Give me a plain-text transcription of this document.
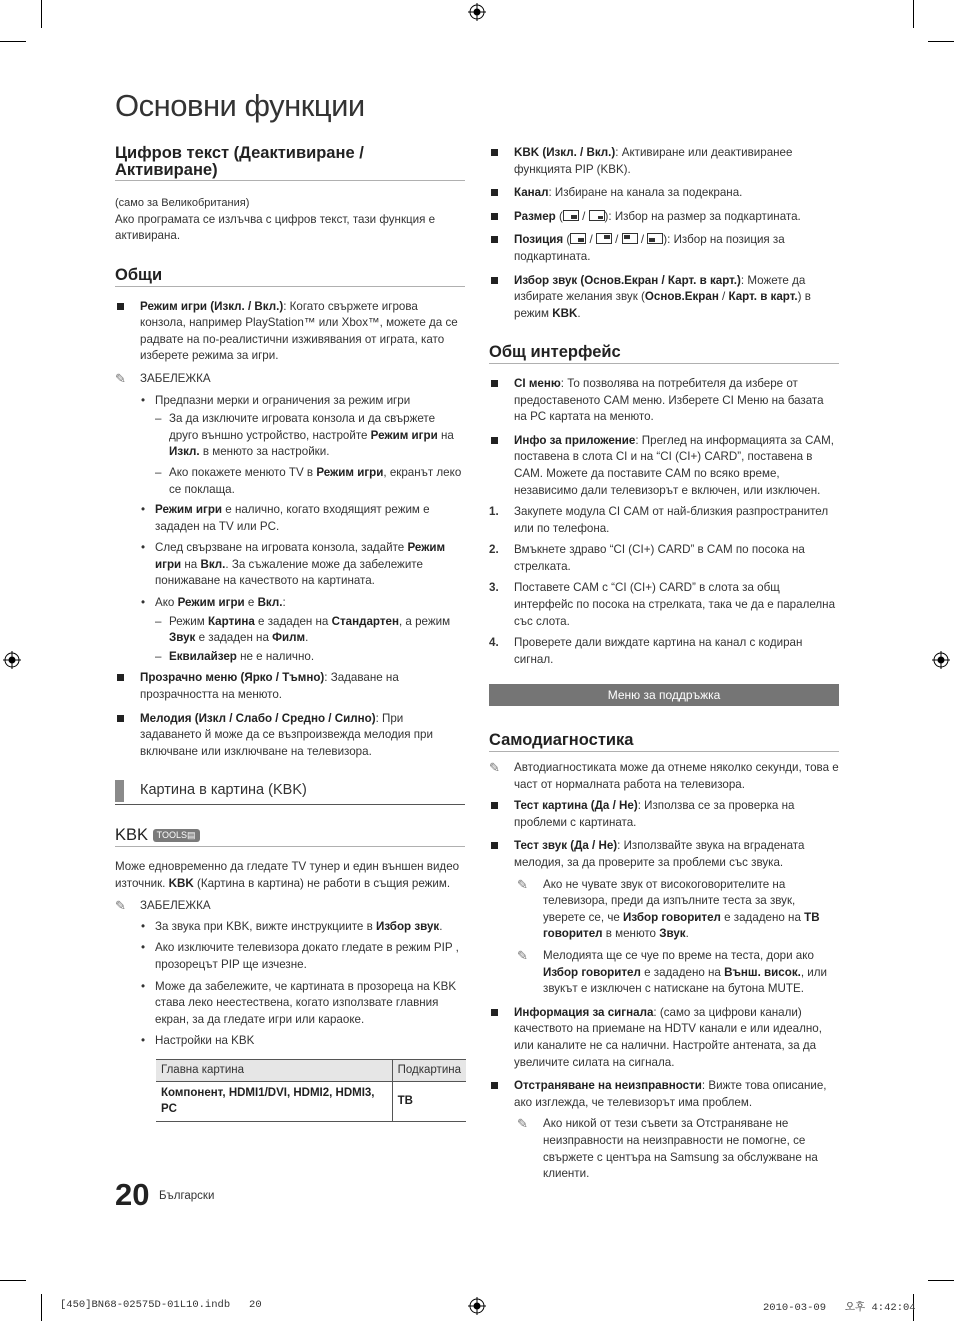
Основни функции
Цифров текст (Деактивиране / Активиране)

(само за Великобритания)

Ако програмата се излъчва с цифров текст, тази функция е активирана.

Общи
Режим игри (Изкл. / Вкл.): Когато свържете игрова конзола, например PlayStation™ или Xbox™, можете да се радвате на по-реалистични изживявания от играта, като изберете режима за игри.
✎ ЗАБЕЛЕЖКА
• Предпазни мерки и ограничения за режим игри
– За да изключите игровата конзола и да свържете друго външно устройство, настройте Режим игри на Изкл. в менюто за настройки.
– Ако покажете менюто TV в Режим игри, екранът леко се поклаща.
• Режим игри е налично, когато входящият режим е зададен на TV или PC.
• След свързване на игровата конзола, задайте Режим игри на Вкл.. За съжаление може да забележите понижаване на качеството на картината.
• Ако Режим игри е Вкл.:
– Режим Картина е зададен на Стандартен, а режим Звук е зададен на Филм.
– Еквилайзер не е налично.
Прозрачно меню (Ярко / Тъмно): Задаване на прозрачността на менюто.
Мелодия (Изкл / Слабо / Средно / Силно): При задаването й може да се възпроизвежда мелодия при включване или изключване на телевизора.
Картина в картина (KBK)
KBK TOOLS▤

Може едновременно да гледате TV тунер и един външен видео източник. KBK (Картина в картина) не работи в същия режим.

✎ ЗАБЕЛЕЖКА
• За звука при KBK, вижте инструкциите в Избор звук.
• Ако изключите телевизора докато гледате в режим PIP , прозорецът PIP ще изчезне.
• Може да забележите, че картината в прозореца на KBK става леко неестествена, когато използвате главния екран, за да гледате игри или караоке.
• Настройки на KBK
Главна картина	Подкартина
Компонент, HDMI1/DVI, HDMI2, HDMI3, PC	ТВ
20 Български
KBK (Изкл. / Вкл.): Активиране или деактивиранее функцията PIP (KBK).
Канал: Избиране на канала за подекрана.
Размер (
/
): Избор на размер за подкартината.
Позиция (
/
/
/
): Избор на позиция за подкартината.
Избор звук (Основ.Екран / Карт. в карт.): Можете да избирате желания звук (Основ.Екран / Карт. в карт.) в режим KBK.
Общ интерфейс
CI меню: То позволява на потребителя да избере от предоставеното CAM меню. Изберете CI Меню на базата на PC картата на менюто.
Инфо за приложение: Преглед на информацията за CAM, поставена в слота CI и на “CI (CI+) CARD”, поставена в CAM. Можете да поставите CAM по всяко време, независимо дали телевизорът е включен, или изключен.
1. Закупете модула CI CAM от най-близкия разпространител или по телефона.
2. Вмъкнете здраво “CI (CI+) CARD” в CAM по посока на стрелката.
3. Поставете CAM с “CI (CI+) CARD” в слота за общ интерфейс по посока на стрелката, така че да е паралелна със слота.
4. Проверете дали виждате картина на канал с кодиран сигнал.
Меню за поддръжка
Самодиагностика
✎ Автодиагностиката може да отнеме няколко секунди, това е част от нормалната работа на телевизора.
Тест картина (Да / Не): Използва се за проверка на проблеми с картината.
Тест звук (Да / Не): Използвайте звука на вградената мелодия, за да проверите за проблеми със звука.
✎ Ако не чувате звук от високоговорителите на телевизора, преди да изпълните теста за звук, уверете се, че Избор говорител е зададено на TB говорител в менюто Звук.
✎ Мелодията ще се чуе по време на теста, дори ако Избор говорител е зададено на Външ. висок., или звукът е изключен с натискане на бутона MUTE.
Информация за сигнала: (само за цифрови канали) качеството на приемане на HDTV канали е или идеално, или каналите не са налични. Настройте антената, за да увеличите силата на сигнала.
Отстраняване на неизправности: Вижте това описание, ако изглежда, че телевизорът има проблем.
✎ Ако никой от тези съвети за Отстраняване не неизправности на неизправности не помогне, се свържете с центъра на Samsung за обслужване на клиенти.
[450]BN68-02575D-01L10.indb   20	2010-03-09   오후 4:42:04
